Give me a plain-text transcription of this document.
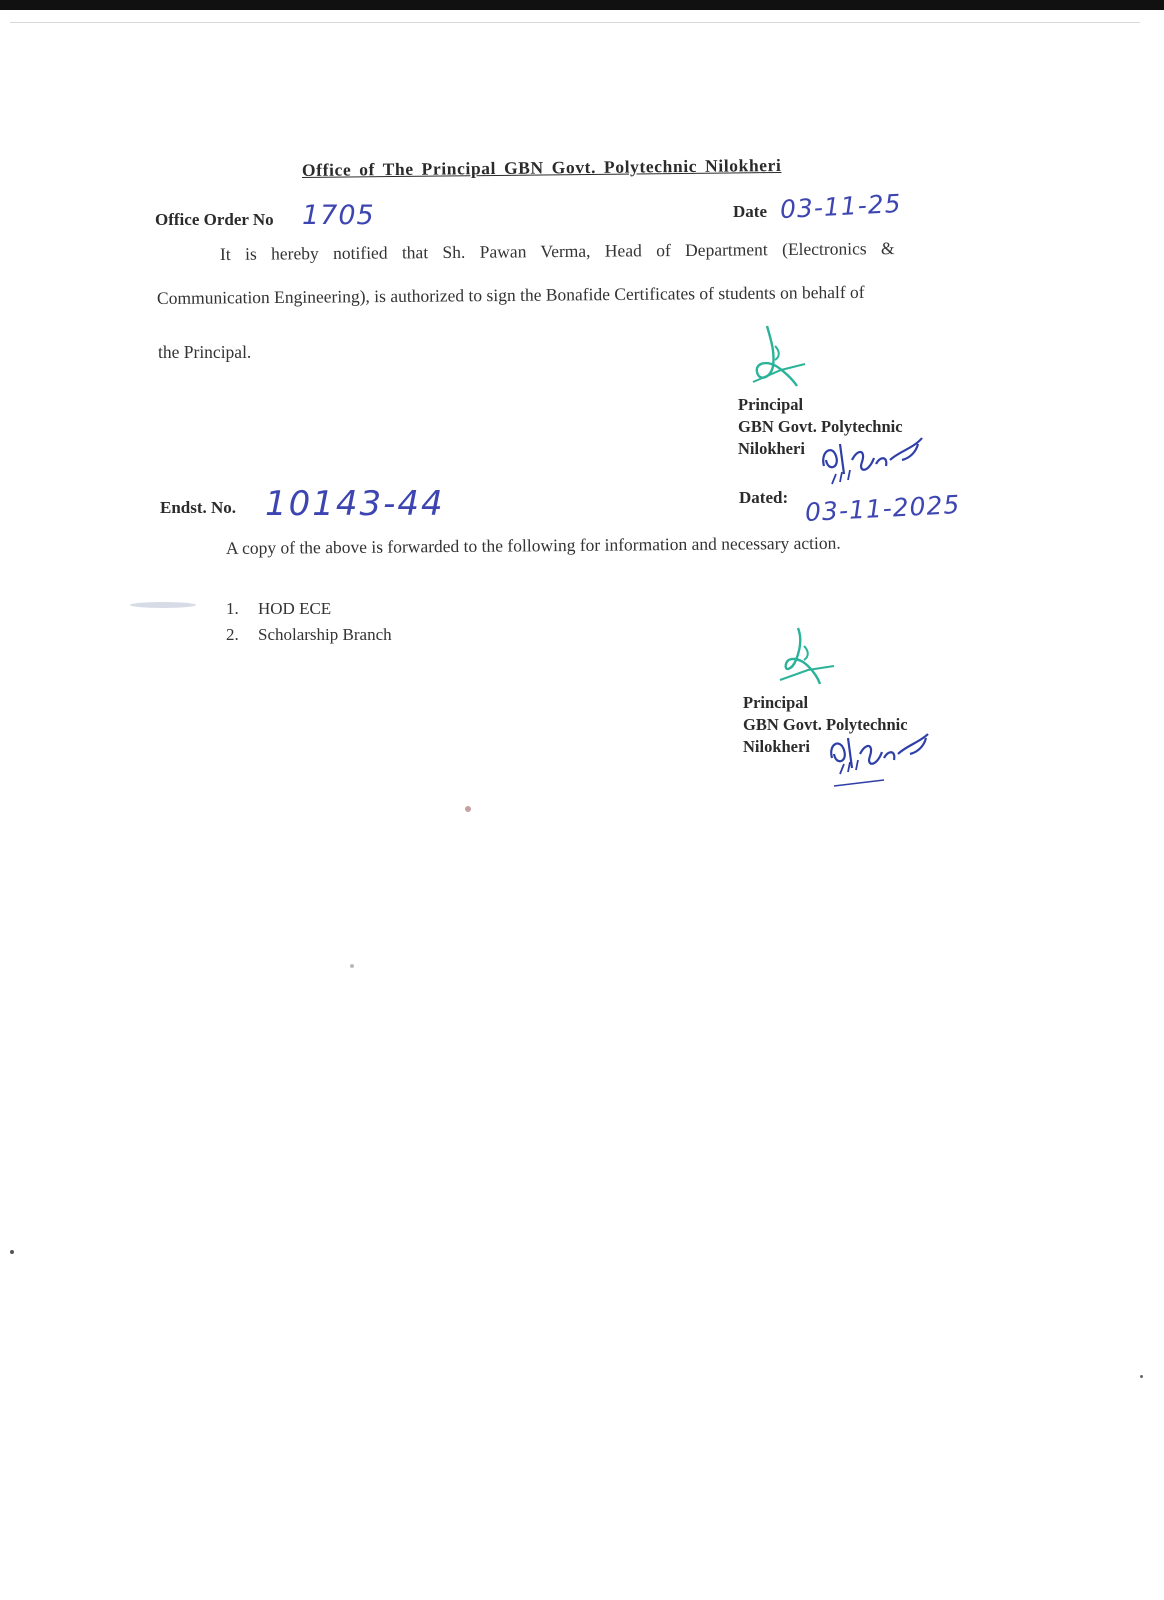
Office of The Principal GBN Govt. Polytechnic Nilokheri
Office Order No 1705	Date 03-11-25
It is hereby notified that Sh. Pawan Verma, Head of Department (Electronics &
Communication Engineering), is authorized to sign the Bonafide Certificates of students on behalf of
the Principal.
Principal
GBN Govt. Polytechnic
Nilokheri
Endst. No. 10143-44	Dated: 03-11-2025
A copy of the above is forwarded to the following for information and necessary action.
1. HOD ECE
2. Scholarship Branch
Principal
GBN Govt. Polytechnic
Nilokheri
